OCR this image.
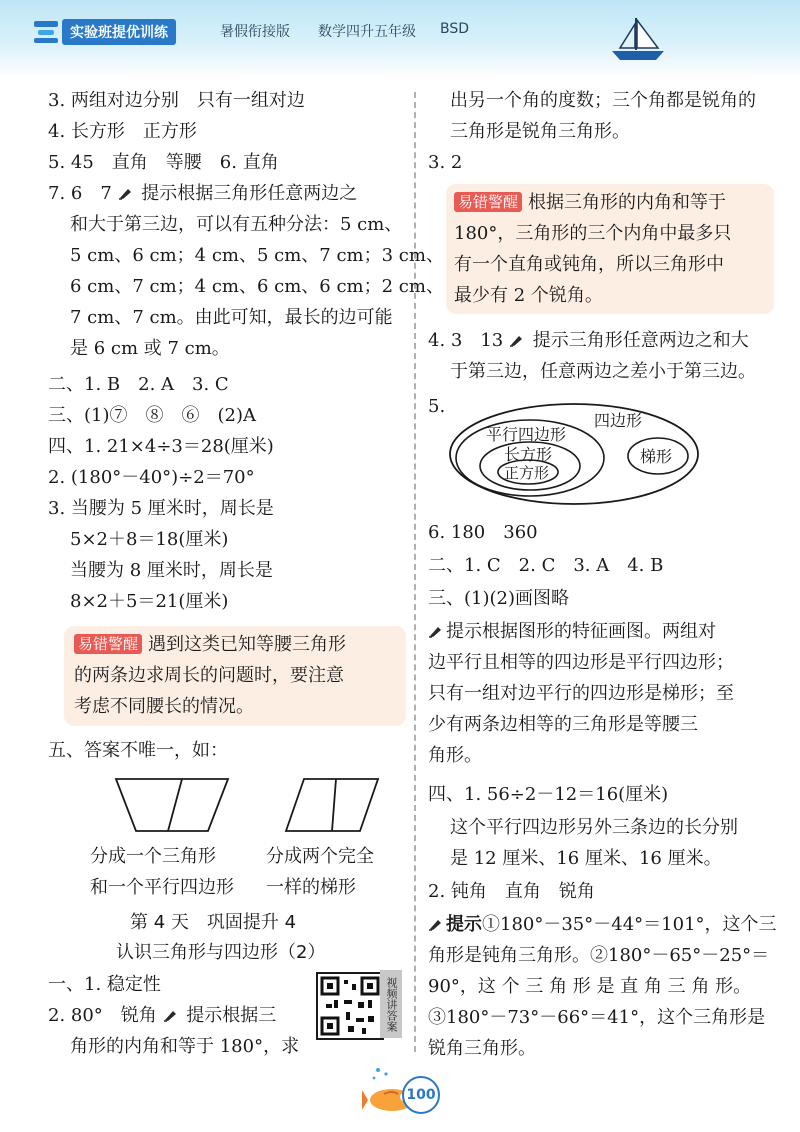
实验班提优训练	暑假衔接版 数学四升五年级 BSD
3. 两组对边分别　只有一组对边
4. 长方形　正方形
5. 45　直角　等腰　6. 直角
7. 6　7 提示根据三角形任意两边之
和大于第三边，可以有五种分法：5 cm、
5 cm、6 cm；4 cm、5 cm、7 cm；3 cm、
6 cm、7 cm；4 cm、6 cm、6 cm；2 cm、
7 cm、7 cm。由此可知，最长的边可能
是 6 cm 或 7 cm。
二、1. B　2. A　3. C
三、(1)⑦　⑧　⑥　(2)A
四、1. 21×4÷3＝28(厘米)
2. (180°－40°)÷2＝70°
3. 当腰为 5 厘米时，周长是
5×2＋8＝18(厘米)
当腰为 8 厘米时，周长是
8×2＋5＝21(厘米)
易错警醒 遇到这类已知等腰三角形
的两条边求周长的问题时，要注意
考虑不同腰长的情况。
五、答案不唯一，如：
分成一个三角形
和一个平行四边形
分成两个完全
一样的梯形
第 4 天　巩固提升 4
认识三角形与四边形（2）
一、1. 稳定性
2. 80°　锐角 提示根据三
角形的内角和等于 180°，求
视频讲答案
出另一个角的度数；三个角都是锐角的
三角形是锐角三角形。
3. 2
易错警醒 根据三角形的内角和等于
180°，三角形的三个内角中最多只
有一个直角或钝角，所以三角形中
最少有 2 个锐角。
4. 3　13 提示三角形任意两边之和大
于第三边，任意两边之差小于第三边。
5.
四边形
平行四边形
长方形
正方形
梯形
6. 180　360
二、1. C　2. C　3. A　4. B
三、(1)(2)画图略
提示根据图形的特征画图。两组对
边平行且相等的四边形是平行四边形；
只有一组对边平行的四边形是梯形；至
少有两条边相等的三角形是等腰三
角形。
四、1. 56÷2－12＝16(厘米)
这个平行四边形另外三条边的长分别
是 12 厘米、16 厘米、16 厘米。
2. 钝角　直角　锐角
提示①180°－35°－44°＝101°，这个三
角形是钝角三角形。②180°－65°－25°＝
90°，这 个 三 角 形 是 直 角 三 角 形。
③180°－73°－66°＝41°，这个三角形是
锐角三角形。
100
